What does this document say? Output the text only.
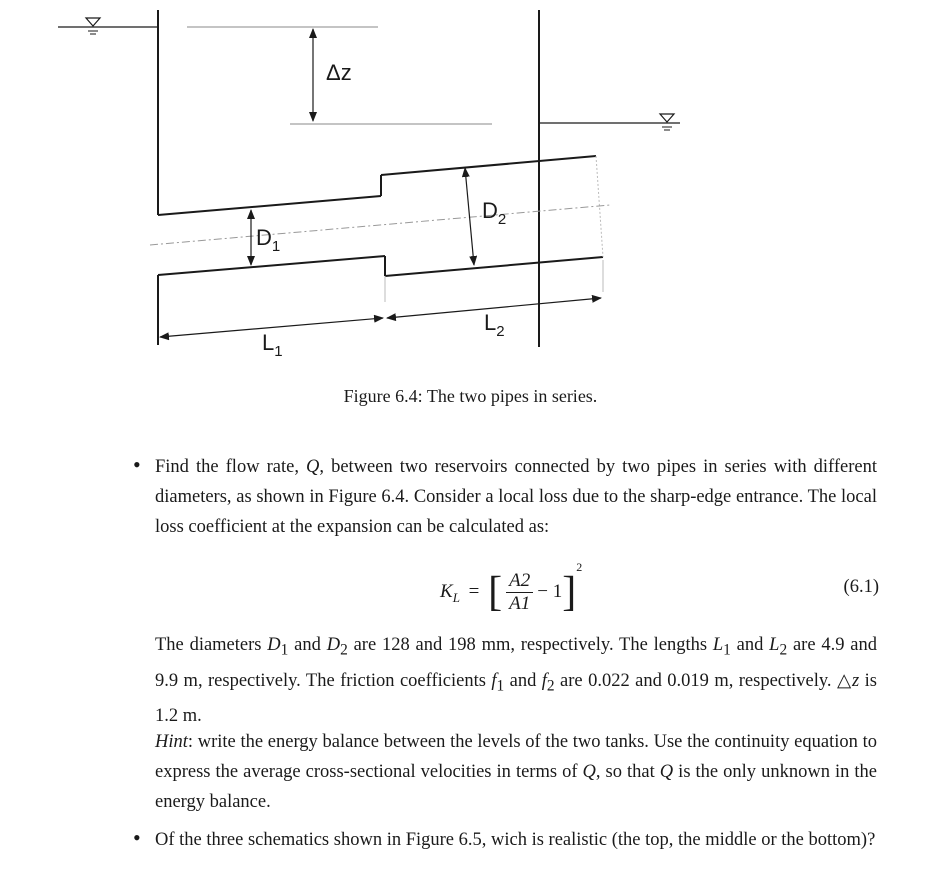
Δz
$D_1$
$D_2$
$L_1$
$L_2$
Figure 6.4: The two pipes in series.
• Find the flow rate, Q, between two reservoirs connected by two pipes in series with different diameters, as shown in Figure 6.4. Consider a local loss due to the sharp-edge entrance. The local loss coefficient at the expansion can be calculated as:
$K_L$ = [ $\frac{A2}{A1} - 1]^2$
(6.1)
The diameters $D_1$ and $D_2$ are 128 and 198 mm, respectively. The lengths $L_1$ and $L_2$ are 4.9 and 9.9 m, respectively. The friction coefficients $f_1$ and $f_2$ are 0.022 and 0.019 m, respectively. △z is 1.2 m.
Hint: write the energy balance between the levels of the two tanks. Use the continuity equation to express the average cross-sectional velocities in terms of Q, so that Q is the only unknown in the energy balance.
• Of the three schematics shown in Figure 6.5, wich is realistic (the top, the middle or the bottom)?
